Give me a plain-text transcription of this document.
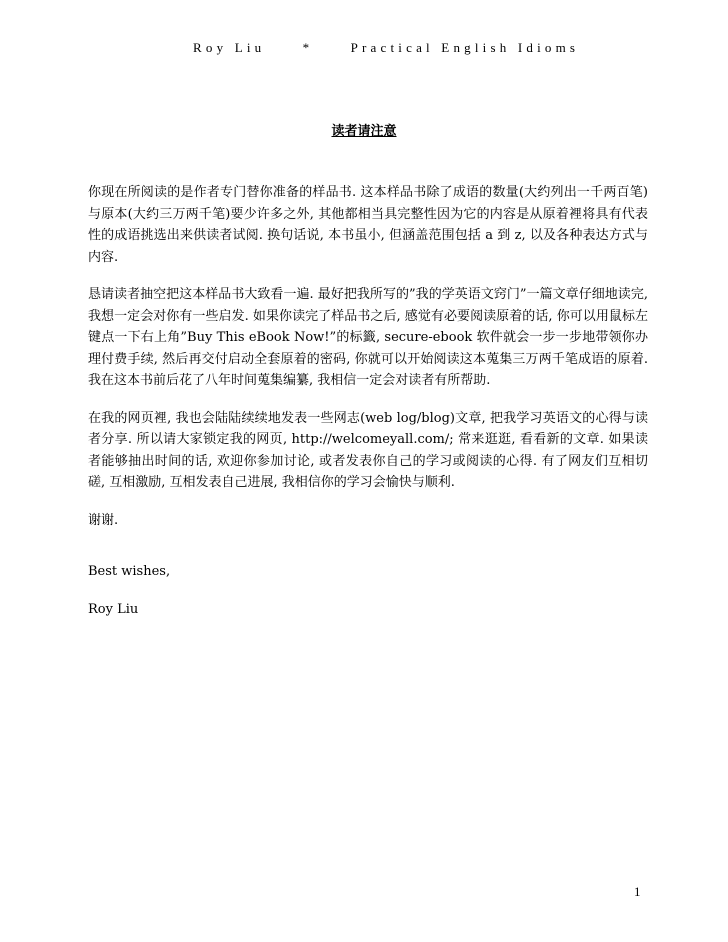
Roy Liu	*	Practical English Idioms
读者请注意

你现在所阅读的是作者专门替你准备的样品书. 这本样品书除了成语的数量(大约列出一千两百笔)与原本(大约三万两千笔)要少许多之外, 其他都相当具完整性因为它的内容是从原着裡将具有代表性的成语挑选出来供读者试阅. 换句话说, 本书虽小, 但涵盖范围包括 a 到 z, 以及各种表达方式与内容.

恳请读者抽空把这本样品书大致看一遍. 最好把我所写的”我的学英语文窍门”一篇文章仔细地读完, 我想一定会对你有一些启发. 如果你读完了样品书之后, 感觉有必要阅读原着的话, 你可以用鼠标左键点一下右上角”Buy This eBook Now!”的标籤, secure-ebook 软件就会一步一步地带领你办理付费手续, 然后再交付启动全套原着的密码, 你就可以开始阅读这本蒐集三万两千笔成语的原着. 我在这本书前后花了八年时间蒐集编纂, 我相信一定会对读者有所帮助.

在我的网页裡, 我也会陆陆续续地发表一些网志(web log/blog)文章, 把我学习英语文的心得与读者分享. 所以请大家锁定我的网页, http://welcomeyall.com/; 常来逛逛, 看看新的文章. 如果读者能够抽出时间的话, 欢迎你参加讨论, 或者发表你自己的学习或阅读的心得. 有了网友们互相切磋, 互相激励, 互相发表自己进展, 我相信你的学习会愉快与顺利.

谢谢.

Best wishes,

Roy Liu

1
